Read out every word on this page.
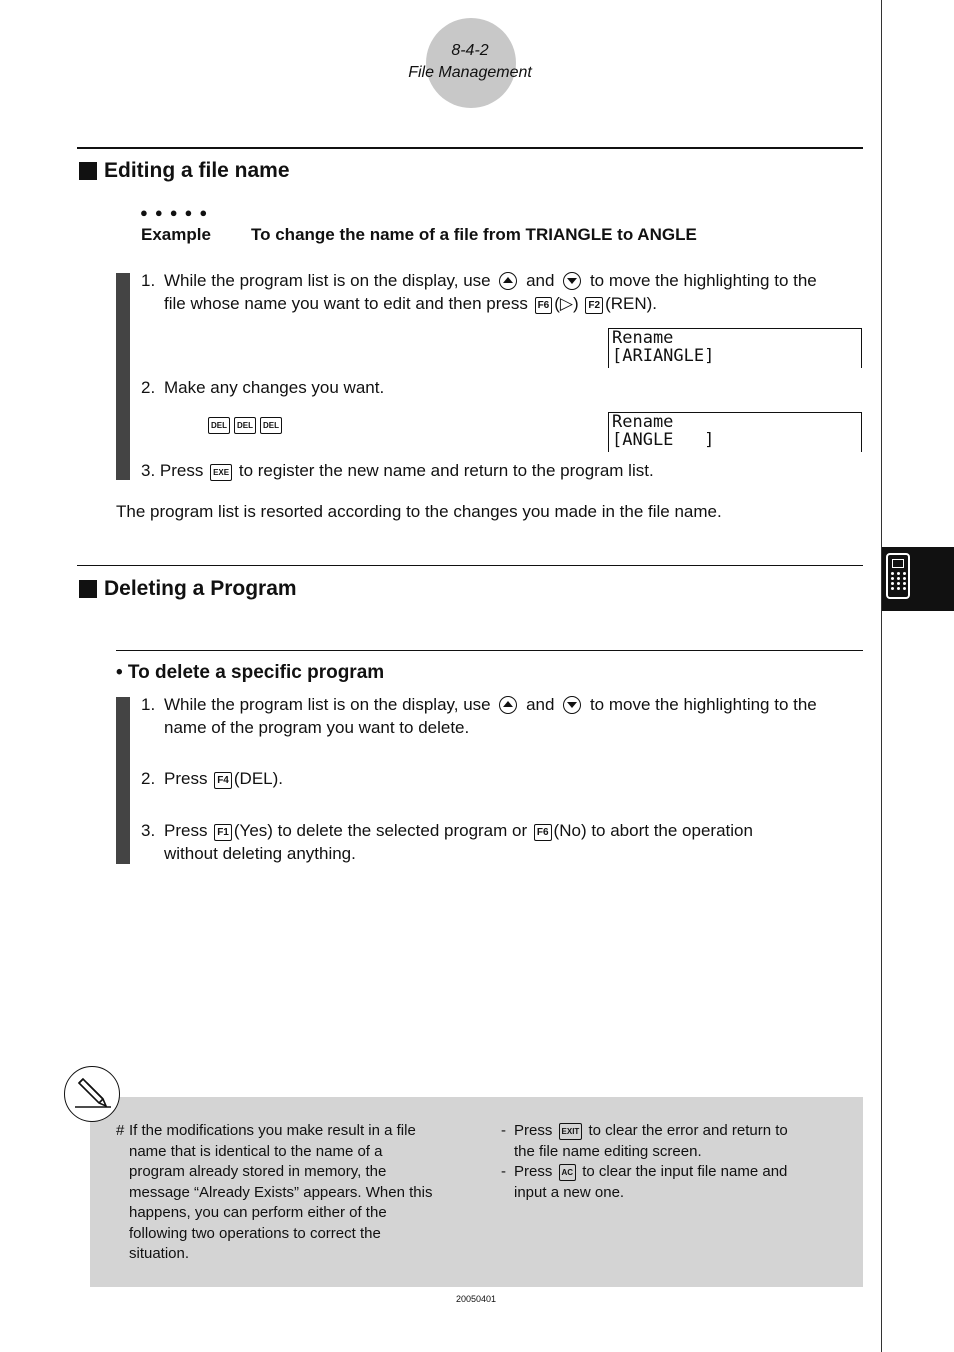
8-4-2
File Management
Editing a file name
●●●●●
Example To change the name of a file from TRIANGLE to ANGLE
1. While the program list is on the display, use and to move the highlighting to the
file whose name you want to edit and then press F6 (▷) F2 (REN).
Rename
[ARIANGLE]
2. Make any changes you want.
DEL DEL DEL	Rename
[ANGLE   ]
3. Press EXE to register the new name and return to the program list.
The program list is resorted according to the changes you made in the file name.
Deleting a Program
• To delete a specific program
1. While the program list is on the display, use and to move the highlighting to the
name of the program you want to delete.
2. Press F4 (DEL).
3. Press F1 (Yes) to delete the selected program or F6 (No) to abort the operation
without deleting anything.
# If the modifications you make result in a file
name that is identical to the name of a
program already stored in memory, the
message “Already Exists” appears. When this
happens, you can perform either of the
following two operations to correct the
situation.
- Press EXIT to clear the error and return to
the file name editing screen.
- Press AC to clear the input file name and
input a new one.
20050401
